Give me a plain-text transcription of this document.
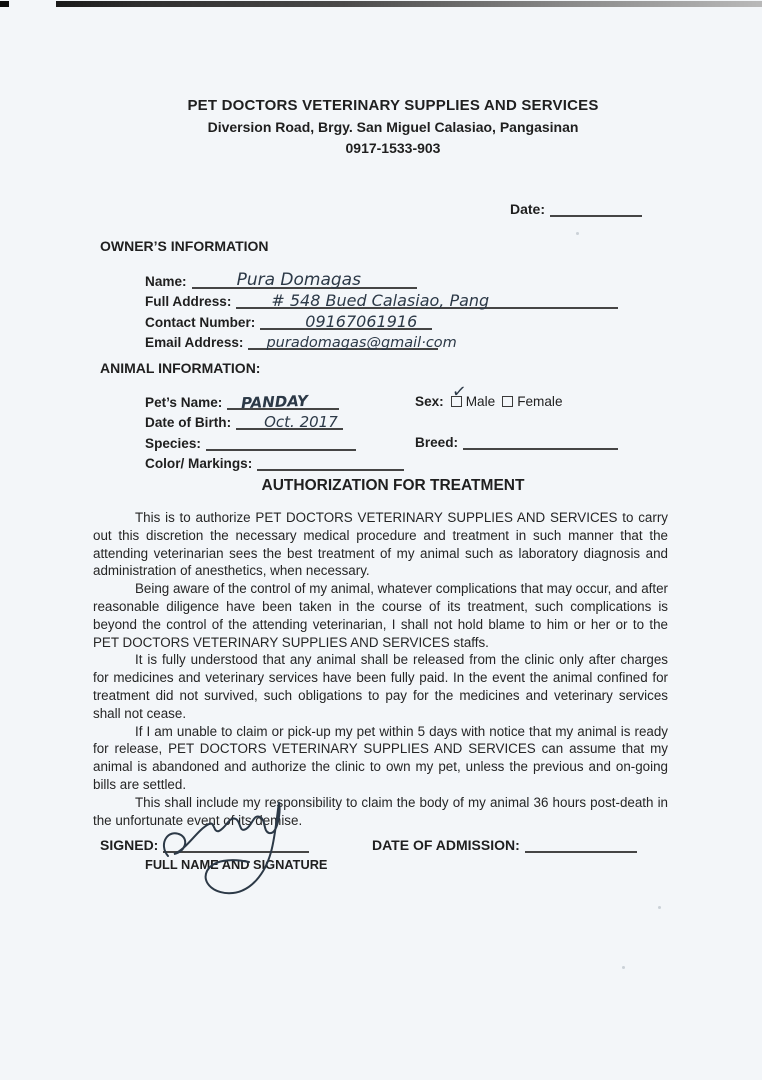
PET DOCTORS VETERINARY SUPPLIES AND SERVICES
Diversion Road, Brgy. San Miguel Calasiao, Pangasinan
0917-1533-903
Date:
OWNER’S INFORMATION
Name:	Pura Domagas
Full Address:	# 548 Bued Calasiao, Pang
Contact Number:	09167061916
Email Address: puradomagas@gmail·com
ANIMAL INFORMATION:
Pet’s Name: PANDAY
Date of Birth: Oct. 2017
Species:
Color/ Markings:
Sex: ✓
Male Female
Breed:
AUTHORIZATION FOR TREATMENT

This is to authorize PET DOCTORS VETERINARY SUPPLIES AND SERVICES to carry out this discretion the necessary medical procedure and treatment in such manner that the attending veterinarian sees the best treatment of my animal such as laboratory diagnosis and administration of anesthetics, when necessary.

Being aware of the control of my animal, whatever complications that may occur, and after reasonable diligence have been taken in the course of its treatment, such complications is beyond the control of the attending veterinarian, I shall not hold blame to him or her or to the PET DOCTORS VETERINARY SUPPLIES AND SERVICES staffs.

It is fully understood that any animal shall be released from the clinic only after charges for medicines and veterinary services have been fully paid. In the event the animal confined for treatment did not survived, such obligations to pay for the medicines and veterinary services shall not cease.

If I am unable to claim or pick-up my pet within 5 days with notice that my animal is ready for release, PET DOCTORS VETERINARY SUPPLIES AND SERVICES can assume that my animal is abandoned and authorize the clinic to own my pet, unless the previous and on-going bills are settled.

This shall include my responsibility to claim the body of my animal 36 hours post-death in the unfortunate event of its demise.

SIGNED:
FULL NAME AND SIGNATURE
DATE OF ADMISSION:
